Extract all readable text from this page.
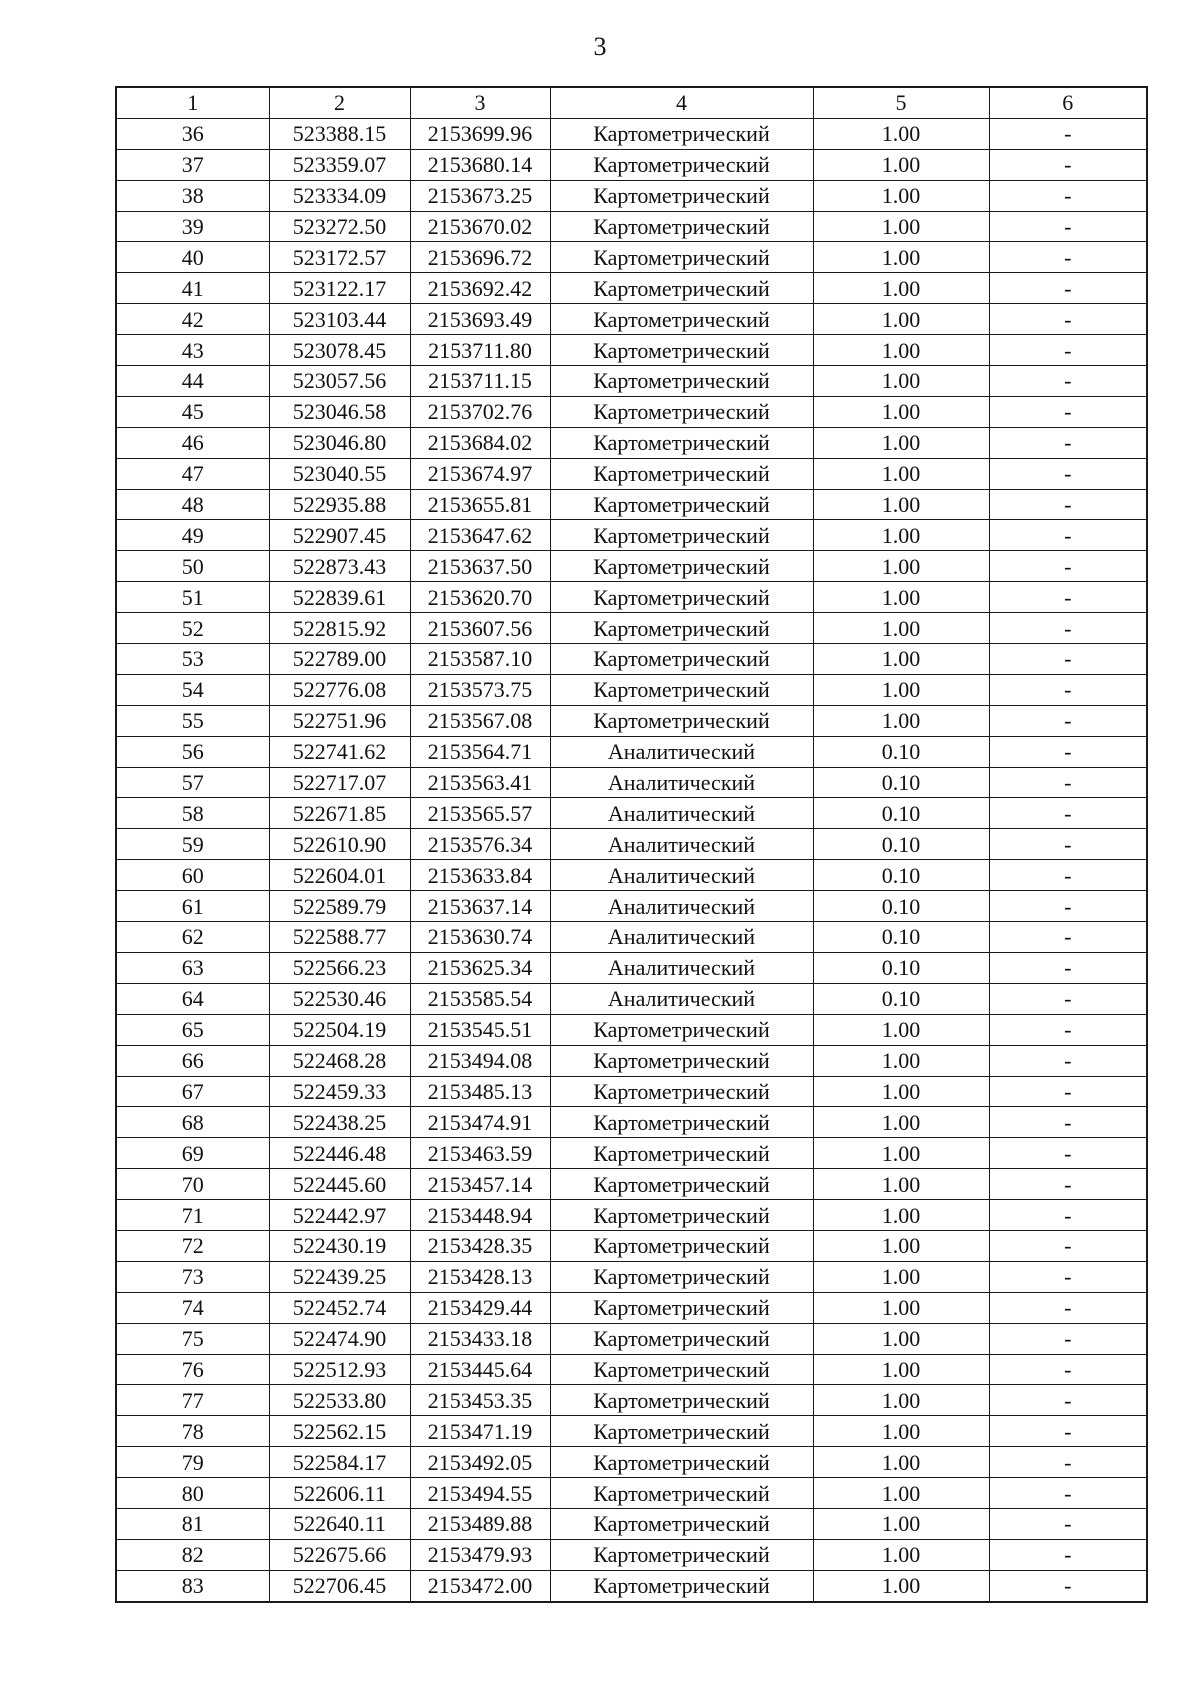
3
1	2	3	4	5	6
36	523388.15	2153699.96	Картометрический	1.00	-
37	523359.07	2153680.14	Картометрический	1.00	-
38	523334.09	2153673.25	Картометрический	1.00	-
39	523272.50	2153670.02	Картометрический	1.00	-
40	523172.57	2153696.72	Картометрический	1.00	-
41	523122.17	2153692.42	Картометрический	1.00	-
42	523103.44	2153693.49	Картометрический	1.00	-
43	523078.45	2153711.80	Картометрический	1.00	-
44	523057.56	2153711.15	Картометрический	1.00	-
45	523046.58	2153702.76	Картометрический	1.00	-
46	523046.80	2153684.02	Картометрический	1.00	-
47	523040.55	2153674.97	Картометрический	1.00	-
48	522935.88	2153655.81	Картометрический	1.00	-
49	522907.45	2153647.62	Картометрический	1.00	-
50	522873.43	2153637.50	Картометрический	1.00	-
51	522839.61	2153620.70	Картометрический	1.00	-
52	522815.92	2153607.56	Картометрический	1.00	-
53	522789.00	2153587.10	Картометрический	1.00	-
54	522776.08	2153573.75	Картометрический	1.00	-
55	522751.96	2153567.08	Картометрический	1.00	-
56	522741.62	2153564.71	Аналитический	0.10	-
57	522717.07	2153563.41	Аналитический	0.10	-
58	522671.85	2153565.57	Аналитический	0.10	-
59	522610.90	2153576.34	Аналитический	0.10	-
60	522604.01	2153633.84	Аналитический	0.10	-
61	522589.79	2153637.14	Аналитический	0.10	-
62	522588.77	2153630.74	Аналитический	0.10	-
63	522566.23	2153625.34	Аналитический	0.10	-
64	522530.46	2153585.54	Аналитический	0.10	-
65	522504.19	2153545.51	Картометрический	1.00	-
66	522468.28	2153494.08	Картометрический	1.00	-
67	522459.33	2153485.13	Картометрический	1.00	-
68	522438.25	2153474.91	Картометрический	1.00	-
69	522446.48	2153463.59	Картометрический	1.00	-
70	522445.60	2153457.14	Картометрический	1.00	-
71	522442.97	2153448.94	Картометрический	1.00	-
72	522430.19	2153428.35	Картометрический	1.00	-
73	522439.25	2153428.13	Картометрический	1.00	-
74	522452.74	2153429.44	Картометрический	1.00	-
75	522474.90	2153433.18	Картометрический	1.00	-
76	522512.93	2153445.64	Картометрический	1.00	-
77	522533.80	2153453.35	Картометрический	1.00	-
78	522562.15	2153471.19	Картометрический	1.00	-
79	522584.17	2153492.05	Картометрический	1.00	-
80	522606.11	2153494.55	Картометрический	1.00	-
81	522640.11	2153489.88	Картометрический	1.00	-
82	522675.66	2153479.93	Картометрический	1.00	-
83	522706.45	2153472.00	Картометрический	1.00	-
